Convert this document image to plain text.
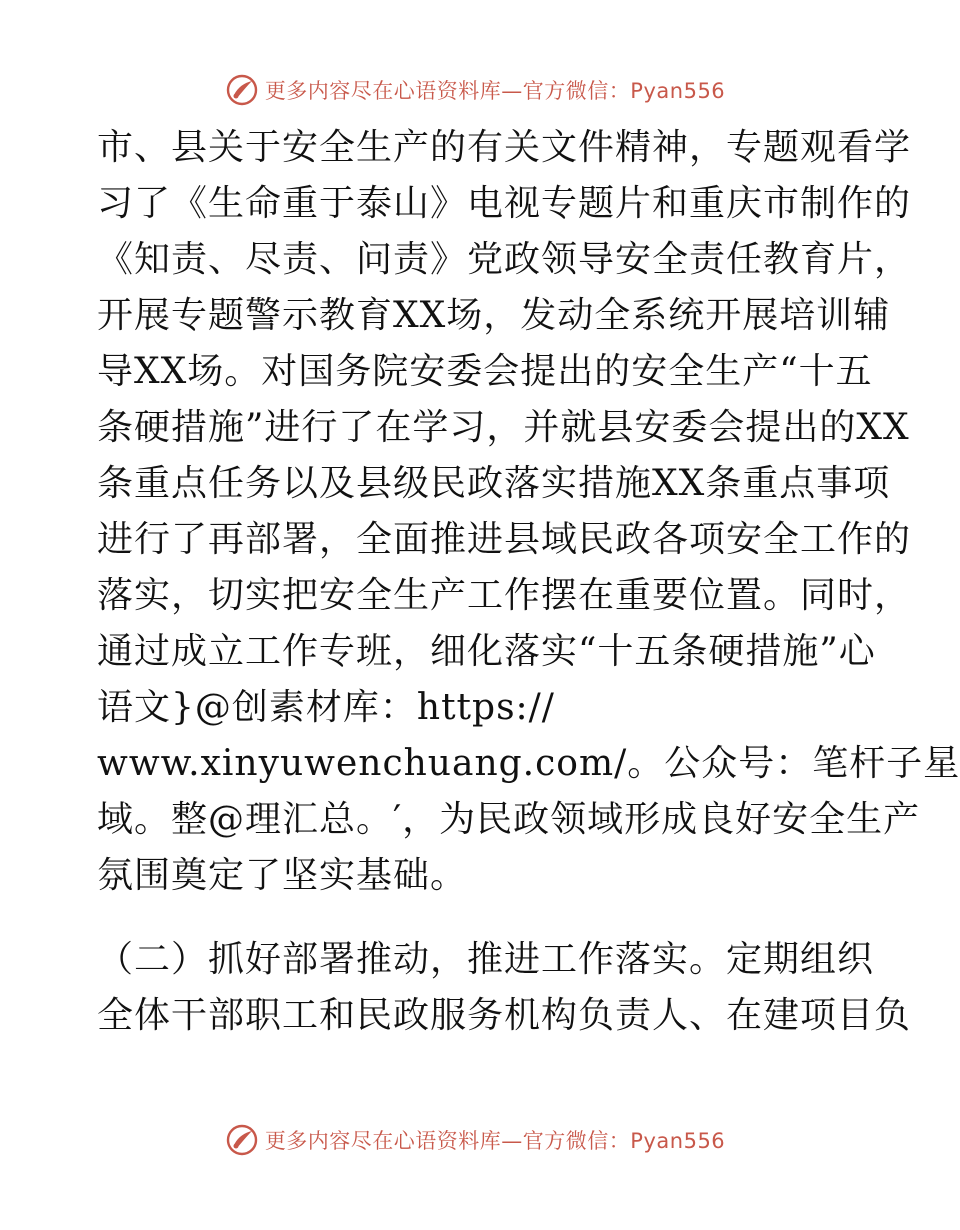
更多内容尽在心语资料库—官方微信：Pyan556
市、县关于安全生产的有关文件精神，专题观看学
习了《生命重于泰山》电视专题片和重庆市制作的
《知责、尽责、问责》党政领导安全责任教育片，
开展专题警示教育XX场，发动全系统开展培训辅
导XX场。对国务院安委会提出的安全生产“十五
条硬措施”进行了在学习，并就县安委会提出的XX
条重点任务以及县级民政落实措施XX条重点事项
进行了再部署，全面推进县域民政各项安全工作的
落实，切实把安全生产工作摆在重要位置。同时，
通过成立工作专班，细化落实“十五条硬措施”心
语文}@创素材库：https://
www.xinyuwenchuang.com/。公众号：笔杆子星
域。整@理汇总。′，为民政领域形成良好安全生产
氛围奠定了坚实基础。
（二）抓好部署推动，推进工作落实。定期组织
全体干部职工和民政服务机构负责人、在建项目负
更多内容尽在心语资料库—官方微信：Pyan556
